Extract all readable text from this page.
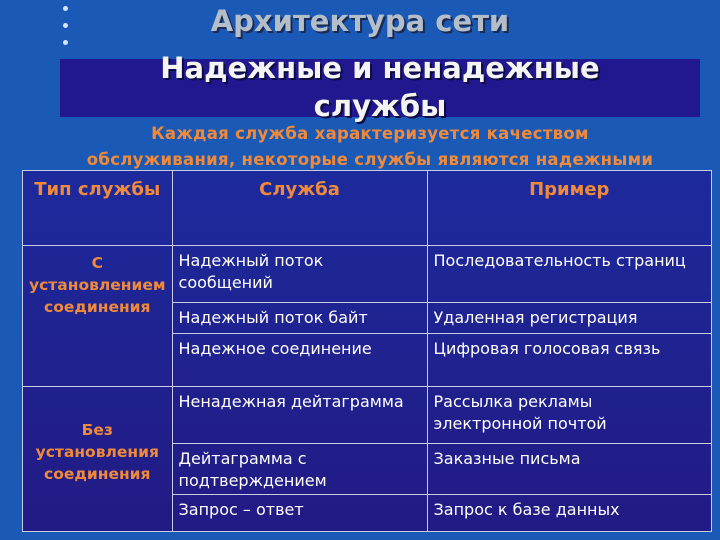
Архитектура сети
Надежные и ненадежные
службы
Каждая служба характеризуется качеством
обслуживания, некоторые службы являются надежными
Тип службы	Служба	Пример
С установлением соединения	Надежный поток сообщений	Последовательность страниц
	Надежный поток байт	Удаленная регистрация
	Надежное соединение	Цифровая голосовая связь
Без установления соединения	Ненадежная дейтаграмма	Рассылка рекламы электронной почтой
	Дейтаграмма с подтверждением	Заказные письма
	Запрос – ответ	Запрос к базе данных
